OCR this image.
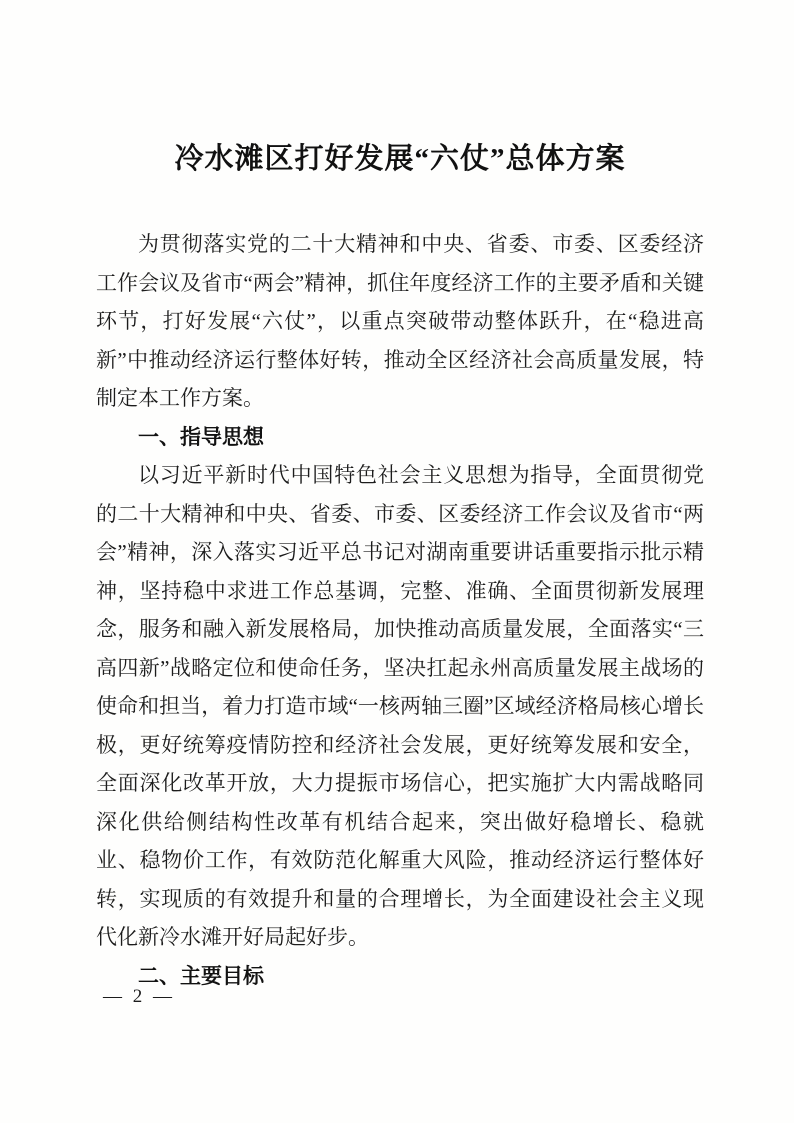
冷水滩区打好发展“六仗”总体方案

为贯彻落实党的二十大精神和中央、省委、市委、区委经济工作会议及省市“两会”精神，抓住年度经济工作的主要矛盾和关键环节，打好发展“六仗”，以重点突破带动整体跃升，在“稳进高新”中推动经济运行整体好转，推动全区经济社会高质量发展，特制定本工作方案。

一、指导思想

以习近平新时代中国特色社会主义思想为指导，全面贯彻党的二十大精神和中央、省委、市委、区委经济工作会议及省市“两会”精神，深入落实习近平总书记对湖南重要讲话重要指示批示精神，坚持稳中求进工作总基调，完整、准确、全面贯彻新发展理念，服务和融入新发展格局，加快推动高质量发展，全面落实“三高四新”战略定位和使命任务，坚决扛起永州高质量发展主战场的使命和担当，着力打造市域“一核两轴三圈”区域经济格局核心增长极，更好统筹疫情防控和经济社会发展，更好统筹发展和安全，全面深化改革开放，大力提振市场信心，把实施扩大内需战略同深化供给侧结构性改革有机结合起来，突出做好稳增长、稳就业、稳物价工作，有效防范化解重大风险，推动经济运行整体好转，实现质的有效提升和量的合理增长，为全面建设社会主义现代化新冷水滩开好局起好步。

二、主要目标
— 2 —
